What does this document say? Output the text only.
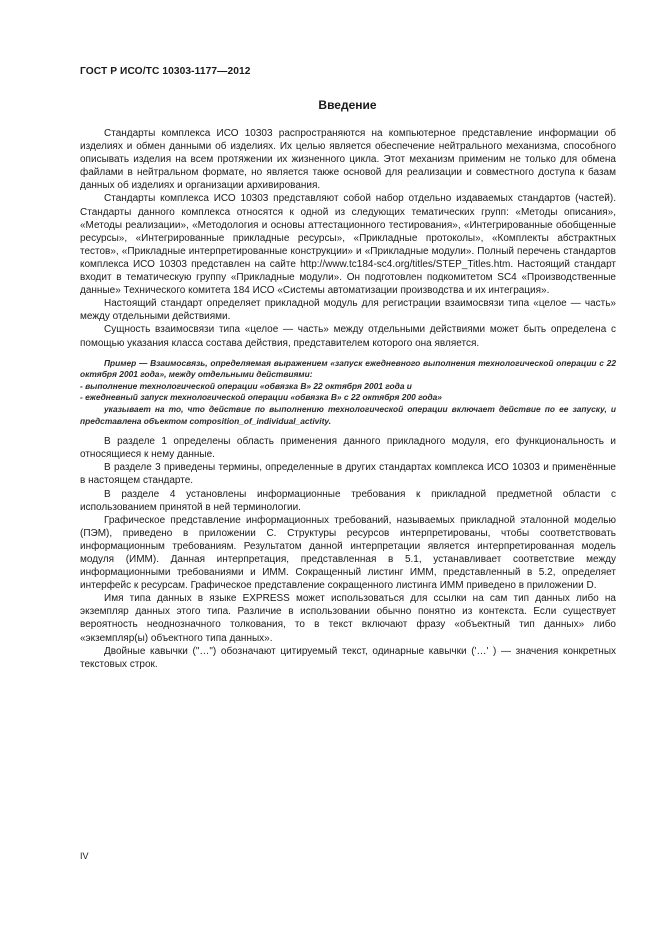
ГОСТ Р ИСО/ТС 10303-1177—2012
Введение

Стандарты комплекса ИСО 10303 распространяются на компьютерное представление информации об изделиях и обмен данными об изделиях. Их целью является обеспечение нейтрального механизма, способного описывать изделия на всем протяжении их жизненного цикла. Этот механизм применим не только для обмена файлами в нейтральном формате, но является также основой для реализации и совместного доступа к базам данных об изделиях и организации архивирования.

Стандарты комплекса ИСО 10303 представляют собой набор отдельно издаваемых стандартов (частей). Стандарты данного комплекса относятся к одной из следующих тематических групп: «Методы описания», «Методы реализации», «Методология и основы аттестационного тестирования», «Интегрированные обобщенные ресурсы», «Интегрированные прикладные ресурсы», «Прикладные протоколы», «Комплекты абстрактных тестов», «Прикладные интерпретированные конструкции» и «Прикладные модули». Полный перечень стандартов комплекса ИСО 10303 представлен на сайте http://www.tc184-sc4.org/titles/STEP_Titles.htm. Настоящий стандарт входит в тематическую группу «Прикладные модули». Он подготовлен подкомитетом SC4 «Производственные данные» Технического комитета 184 ИСО «Системы автоматизации производства и их интеграция».

Настоящий стандарт определяет прикладной модуль для регистрации взаимосвязи типа «целое — часть» между отдельными действиями.

Сущность взаимосвязи типа «целое — часть» между отдельными действиями может быть определена с помощью указания класса состава действия, представителем которого она является.

Пример — Взаимосвязь, определяемая выражением «запуск ежедневного выполнения технологической операции с 22 октября 2001 года», между отдельными действиями:
- выполнение технологической операции «обвязка В» 22 октября 2001 года и
- ежедневный запуск технологической операции «обвязка В» с 22 октября 200 года»
указывает на то, что действие по выполнению технологической операции включает действие по ее запуску, и представлена объектом composition_of_individual_activity.

В разделе 1 определены область применения данного прикладного модуля, его функциональность и относящиеся к нему данные.

В разделе 3 приведены термины, определенные в других стандартах комплекса ИСО 10303 и применённые в настоящем стандарте.

В разделе 4 установлены информационные требования к прикладной предметной области с использованием принятой в ней терминологии.

Графическое представление информационных требований, называемых прикладной эталонной моделью (ПЭМ), приведено в приложении С. Структуры ресурсов интерпретированы, чтобы соответствовать информационным требованиям. Результатом данной интерпретации является интерпретированная модель модуля (ИММ). Данная интерпретация, представленная в 5.1, устанавливает соответствие между информационными требованиями и ИММ. Сокращенный листинг ИММ, представленный в 5.2, определяет интерфейс к ресурсам. Графическое представление сокращенного листинга ИММ приведено в приложении D.

Имя типа данных в языке EXPRESS может использоваться для ссылки на сам тип данных либо на экземпляр данных этого типа. Различие в использовании обычно понятно из контекста. Если существует вероятность неоднозначного толкования, то в текст включают фразу «объектный тип данных» либо «экземпляр(ы) объектного типа данных».

Двойные кавычки ("…") обозначают цитируемый текст, одинарные кавычки ('…' ) — значения конкретных текстовых строк.

IV
